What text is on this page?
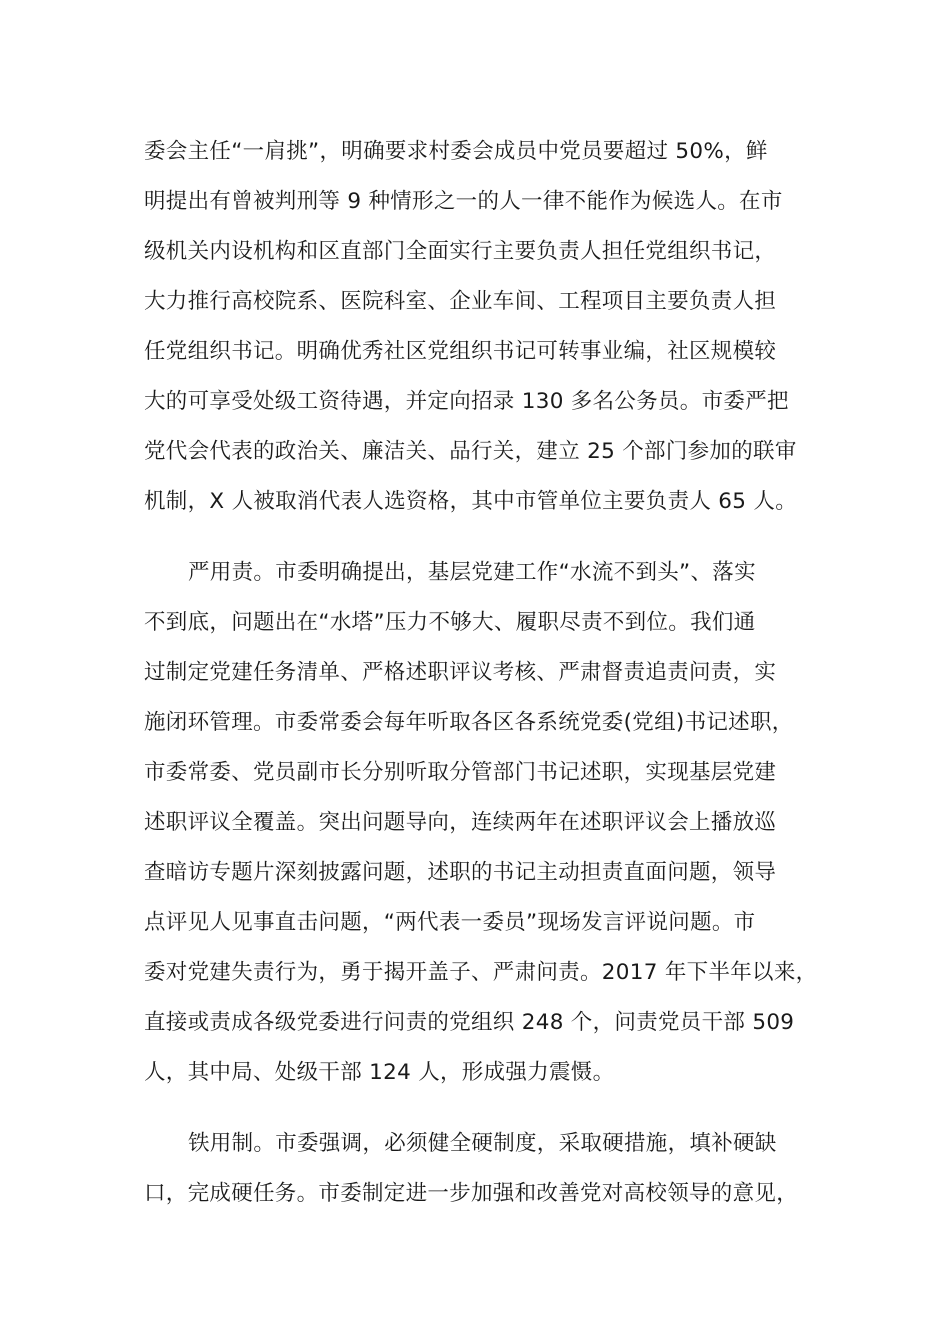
委会主任“一肩挑”，明确要求村委会成员中党员要超过 50%，鲜
明提出有曾被判刑等 9 种情形之一的人一律不能作为候选人。在市
级机关内设机构和区直部门全面实行主要负责人担任党组织书记，
大力推行高校院系、医院科室、企业车间、工程项目主要负责人担
任党组织书记。明确优秀社区党组织书记可转事业编，社区规模较
大的可享受处级工资待遇，并定向招录 130 多名公务员。市委严把
党代会代表的政治关、廉洁关、品行关，建立 25 个部门参加的联审
机制，X 人被取消代表人选资格，其中市管单位主要负责人 65 人。
严用责。市委明确提出，基层党建工作“水流不到头”、落实
不到底，问题出在“水塔”压力不够大、履职尽责不到位。我们通
过制定党建任务清单、严格述职评议考核、严肃督责追责问责，实
施闭环管理。市委常委会每年听取各区各系统党委(党组)书记述职，
市委常委、党员副市长分别听取分管部门书记述职，实现基层党建
述职评议全覆盖。突出问题导向，连续两年在述职评议会上播放巡
查暗访专题片深刻披露问题，述职的书记主动担责直面问题，领导
点评见人见事直击问题，“两代表一委员”现场发言评说问题。市
委对党建失责行为，勇于揭开盖子、严肃问责。2017 年下半年以来，
直接或责成各级党委进行问责的党组织 248 个，问责党员干部 509
人，其中局、处级干部 124 人，形成强力震慑。
铁用制。市委强调，必须健全硬制度，采取硬措施，填补硬缺
口，完成硬任务。市委制定进一步加强和改善党对高校领导的意见，
